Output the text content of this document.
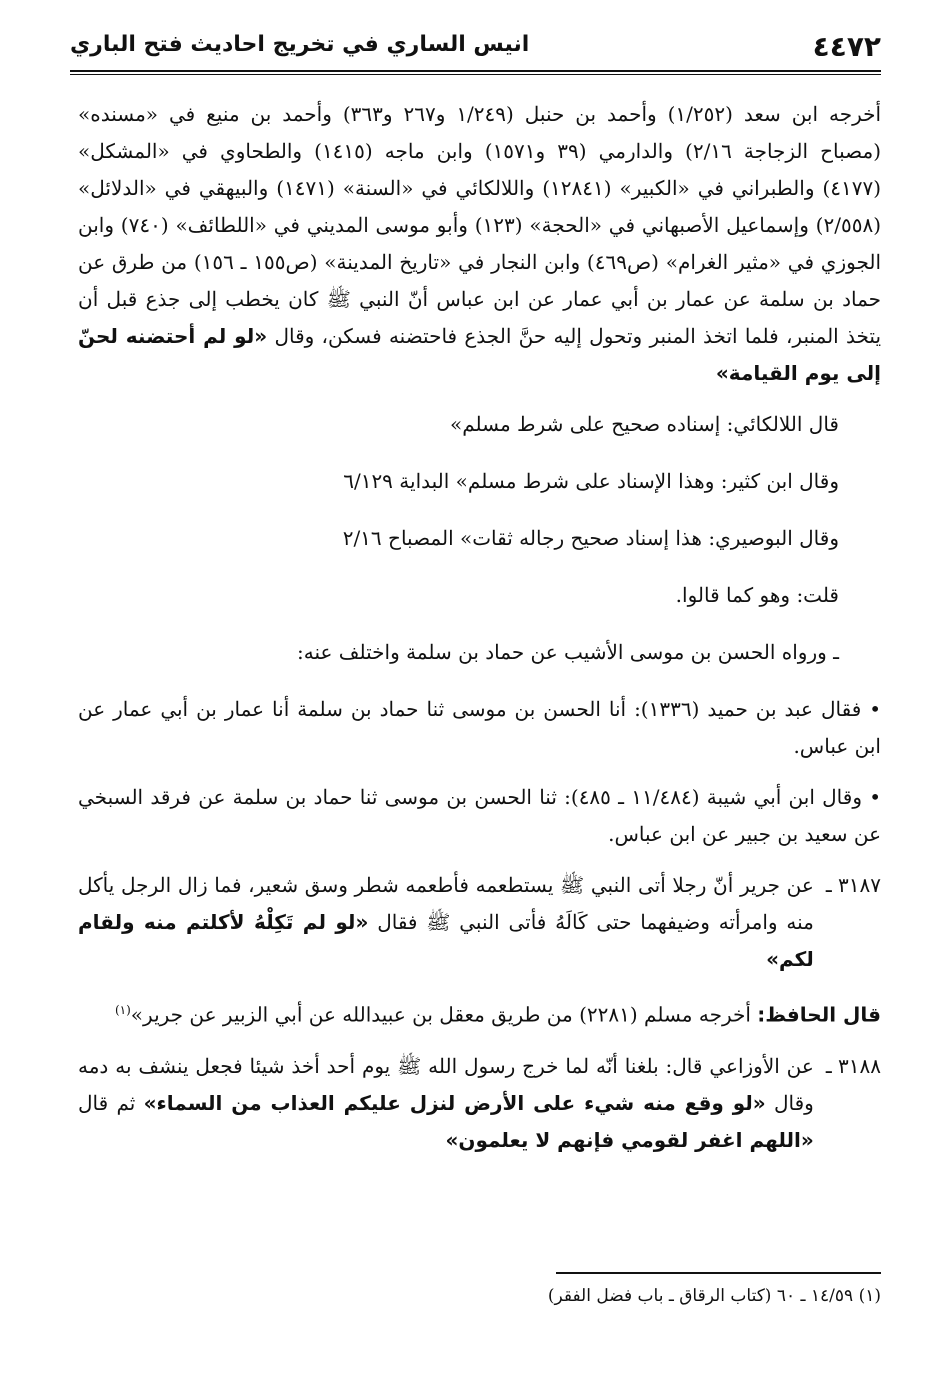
٤٤٧٢
انيس الساري في تخريج احاديث فتح الباري

أخرجه ابن سعد (١/٢٥٢) وأحمد بن حنبل (١/٢٤٩ و٢٦٧ و٣٦٣) وأحمد بن منيع في «مسنده» (مصباح الزجاجة ٢/١٦) والدارمي (٣٩ و١٥٧١) وابن ماجه (١٤١٥) والطحاوي في «المشكل» (٤١٧٧) والطبراني في «الكبير» (١٢٨٤١) واللالكائي في «السنة» (١٤٧١) والبيهقي في «الدلائل» (٢/٥٥٨) وإسماعيل الأصبهاني في «الحجة» (١٢٣) وأبو موسى المديني في «اللطائف» (٧٤٠) وابن الجوزي في «مثير الغرام» (ص٤٦٩) وابن النجار في «تاريخ المدينة» (ص١٥٥ ـ ١٥٦) من طرق عن حماد بن سلمة عن عمار بن أبي عمار عن ابن عباس أنّ النبي ﷺ كان يخطب إلى جذع قبل أن يتخذ المنبر، فلما اتخذ المنبر وتحول إليه حنَّ الجذع فاحتضنه فسكن، وقال «لو لم أحتضنه لحنّ إلى يوم القيامة»

قال اللالكائي: إسناده صحيح على شرط مسلم»

وقال ابن كثير: وهذا الإسناد على شرط مسلم» البداية ٦/١٢٩

وقال البوصيري: هذا إسناد صحيح رجاله ثقات» المصباح ٢/١٦

قلت: وهو كما قالوا.

ـ ورواه الحسن بن موسى الأشيب عن حماد بن سلمة واختلف عنه:

• فقال عبد بن حميد (١٣٣٦): أنا الحسن بن موسى ثنا حماد بن سلمة أنا عمار بن أبي عمار عن ابن عباس.

• وقال ابن أبي شيبة (١١/٤٨٤ ـ ٤٨٥): ثنا الحسن بن موسى ثنا حماد بن سلمة عن فرقد السبخي عن سعيد بن جبير عن ابن عباس.

٣١٨٧ ـ
عن جرير أنّ رجلا أتى النبي ﷺ يستطعمه فأطعمه شطر وسق شعير، فما زال الرجل يأكل منه وامرأته وضيفهما حتى كَالَهُ فأتى النبي ﷺ فقال «لو لم تَكِلْهُ لأكلتم منه ولقام لكم»

قال الحافظ: أخرجه مسلم (٢٢٨١) من طريق معقل بن عبيدالله عن أبي الزبير عن جرير»$^{(١)}$

٣١٨٨ ـ
عن الأوزاعي قال: بلغنا أنّه لما خرج رسول الله ﷺ يوم أحد أخذ شيئا فجعل ينشف به دمه وقال «لو وقع منه شيء على الأرض لنزل عليكم العذاب من السماء» ثم قال «اللهم اغفر لقومي فإنهم لا يعلمون»
(١) ١٤/٥٩ ـ ٦٠ (كتاب الرقاق ـ باب فضل الفقر)
